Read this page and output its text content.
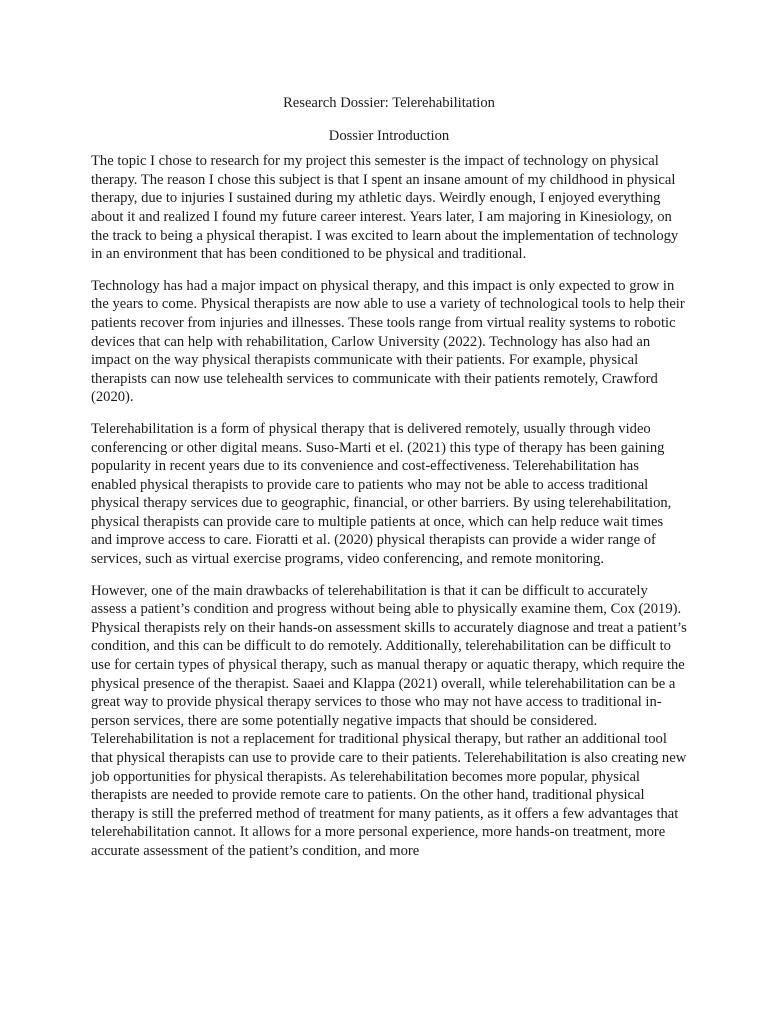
Research Dossier: Telerehabilitation
Dossier Introduction

The topic I chose to research for my project this semester is the impact of technology on physical therapy. The reason I chose this subject is that I spent an insane amount of my childhood in physical therapy, due to injuries I sustained during my athletic days. Weirdly enough, I enjoyed everything about it and realized I found my future career interest. Years later, I am majoring in Kinesiology, on the track to being a physical therapist. I was excited to learn about the implementation of technology in an environment that has been conditioned to be physical and traditional.

Technology has had a major impact on physical therapy, and this impact is only expected to grow in the years to come. Physical therapists are now able to use a variety of technological tools to help their patients recover from injuries and illnesses. These tools range from virtual reality systems to robotic devices that can help with rehabilitation, Carlow University (2022). Technology has also had an impact on the way physical therapists communicate with their patients. For example, physical therapists can now use telehealth services to communicate with their patients remotely, Crawford (2020).

Telerehabilitation is a form of physical therapy that is delivered remotely, usually through video conferencing or other digital means. Suso-Marti et el. (2021) this type of therapy has been gaining popularity in recent years due to its convenience and cost-effectiveness. Telerehabilitation has enabled physical therapists to provide care to patients who may not be able to access traditional physical therapy services due to geographic, financial, or other barriers. By using telerehabilitation, physical therapists can provide care to multiple patients at once, which can help reduce wait times and improve access to care. Fioratti et al. (2020) physical therapists can provide a wider range of services, such as virtual exercise programs, video conferencing, and remote monitoring.

However, one of the main drawbacks of telerehabilitation is that it can be difficult to accurately assess a patient’s condition and progress without being able to physically examine them, Cox (2019). Physical therapists rely on their hands-on assessment skills to accurately diagnose and treat a patient’s condition, and this can be difficult to do remotely. Additionally, telerehabilitation can be difficult to use for certain types of physical therapy, such as manual therapy or aquatic therapy, which require the physical presence of the therapist. Saaei and Klappa (2021) overall, while telerehabilitation can be a great way to provide physical therapy services to those who may not have access to traditional in-person services, there are some potentially negative impacts that should be considered.

Telerehabilitation is not a replacement for traditional physical therapy, but rather an additional tool that physical therapists can use to provide care to their patients. Telerehabilitation is also creating new job opportunities for physical therapists. As telerehabilitation becomes more popular, physical therapists are needed to provide remote care to patients. On the other hand, traditional physical therapy is still the preferred method of treatment for many patients, as it offers a few advantages that telerehabilitation cannot. It allows for a more personal experience, more hands-on treatment, more accurate assessment of the patient’s condition, and more
